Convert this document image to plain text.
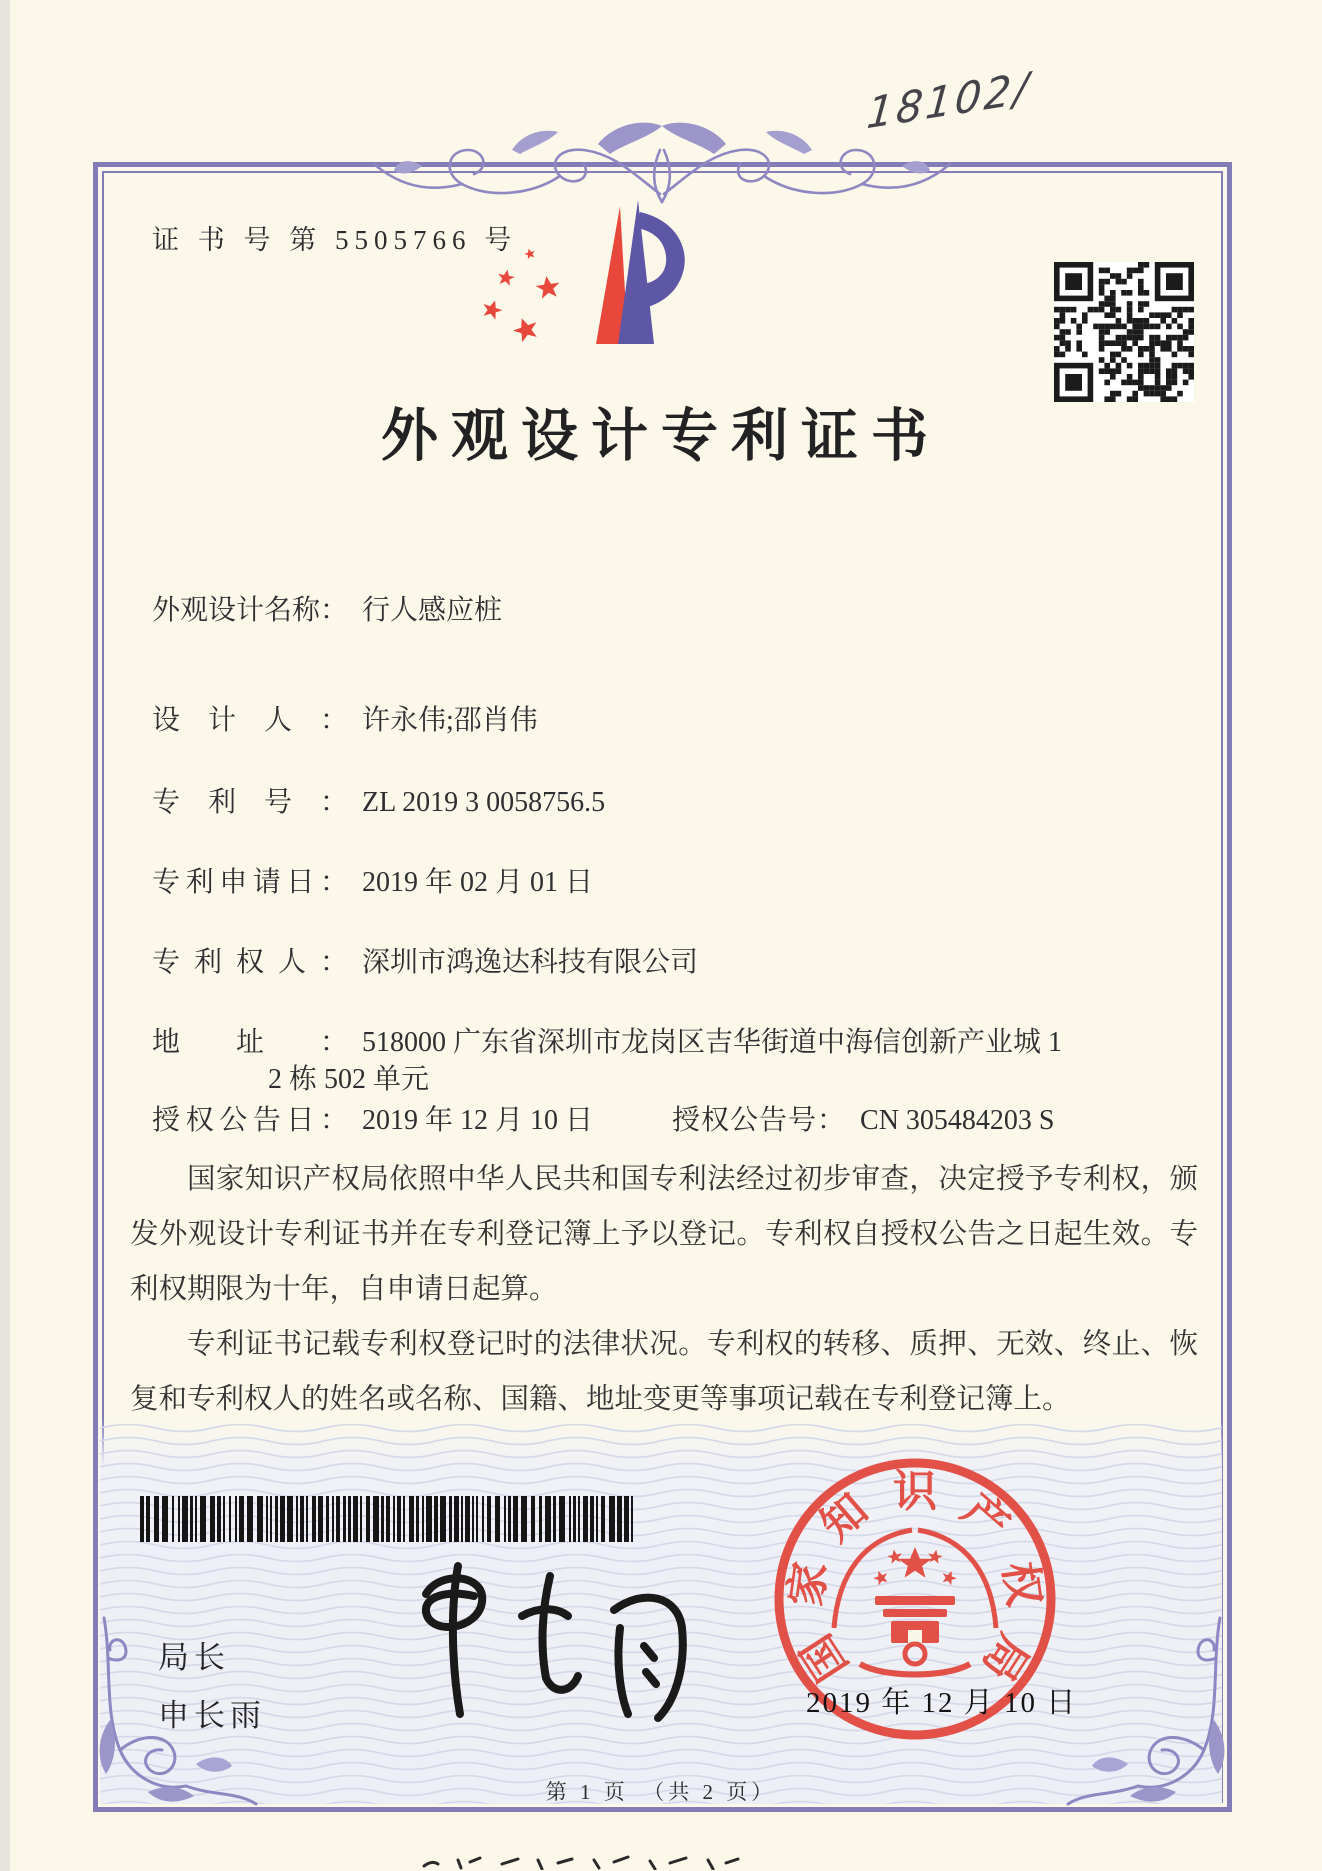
18102/
证 书 号 第 5505766 号
外观设计专利证书
外观设计名称： 行人感应桩
设计人： 许永伟;邵肖伟
专利号： ZL 2019 3 0058756.5
专利申请日： 2019 年 02 月 01 日
专利权人： 深圳市鸿逸达科技有限公司
地址： 518000 广东省深圳市龙岗区吉华街道中海信创新产业城 1
2 栋 502 单元
授权公告日： 2019 年 12 月 10 日	授权公告号： CN 305484203 S

国家知识产权局依照中华人民共和国专利法经过初步审查，决定授予专利权，颁发外观设计专利证书并在专利登记簿上予以登记。专利权自授权公告之日起生效。专利权期限为十年，自申请日起算。

专利证书记载专利权登记时的法律状况。专利权的转移、质押、无效、终止、恢复和专利权人的姓名或名称、国籍、地址变更等事项记载在专利登记簿上。

局长
申长雨
国
家
知 识 产
权
局
2019 年 12 月 10 日
第 1 页　（共 2 页）
